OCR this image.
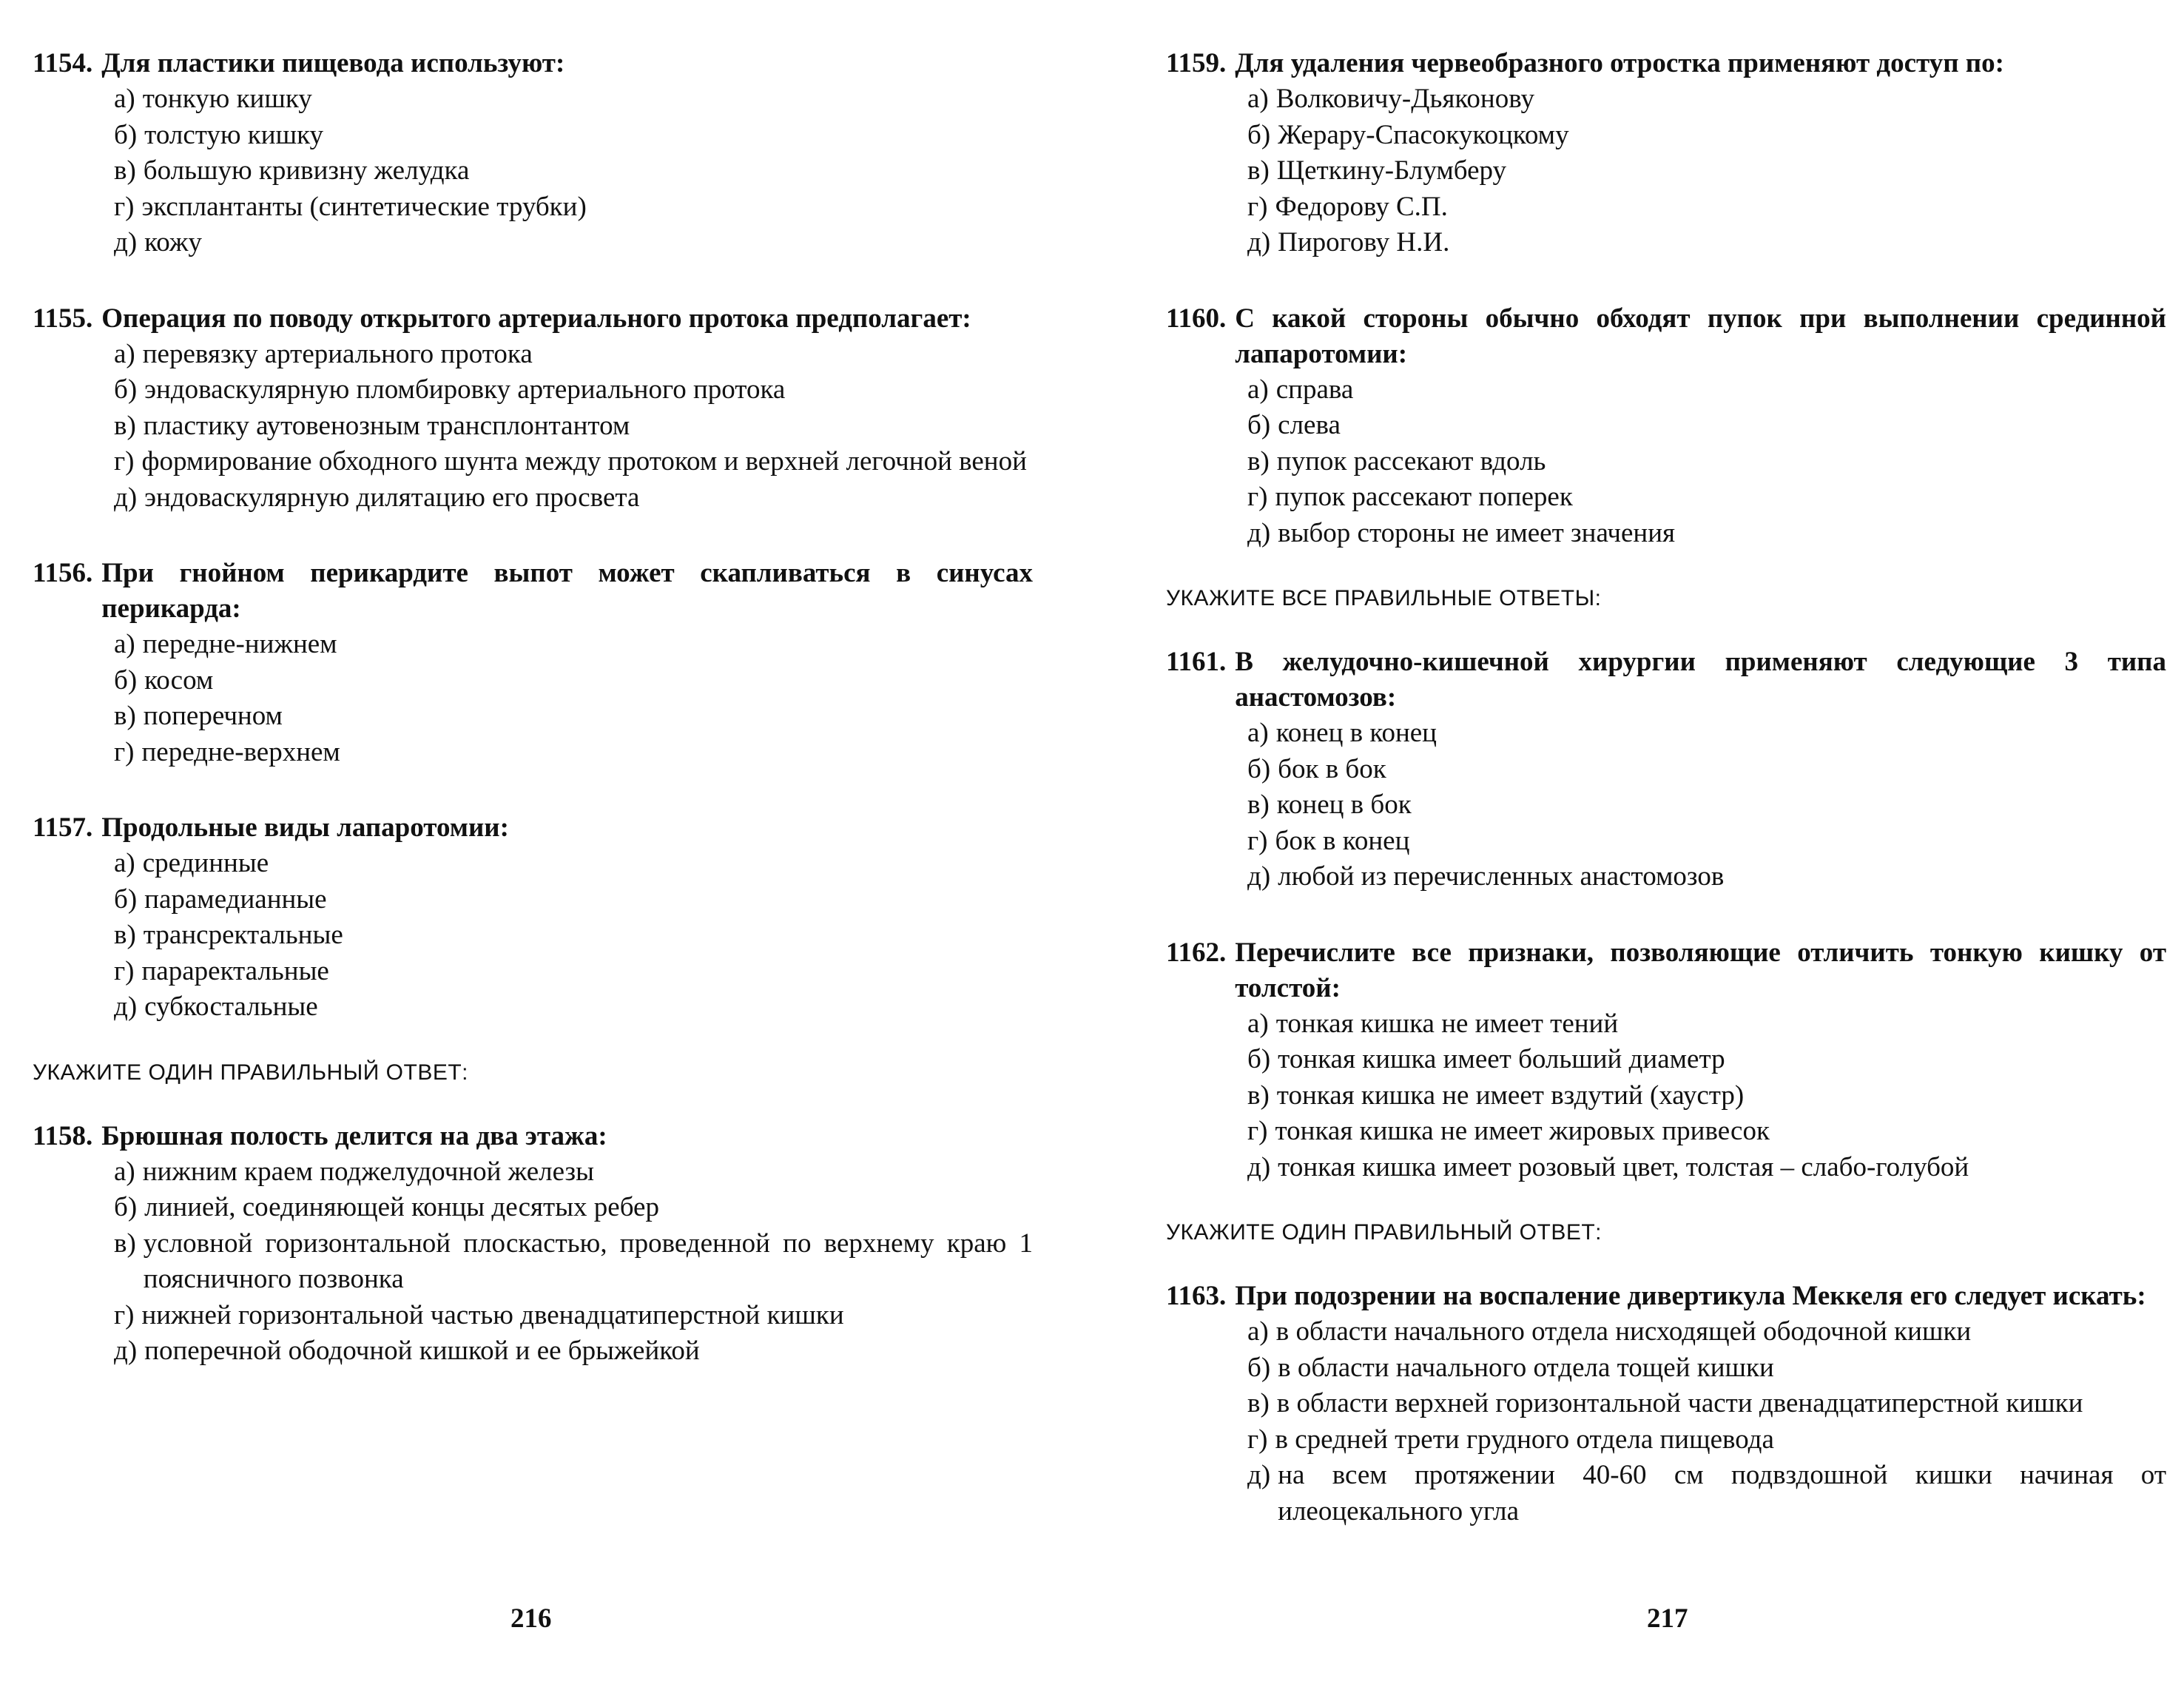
1154. Для пластики пищевода используют:
а) тонкую кишку
б) толстую кишку
в) большую кривизну желудка
г) эксплантанты (синтетические трубки)
д) кожу
1155. Операция по поводу открытого артериального протока предполагает:
а) перевязку артериального протока
б) эндоваскулярную пломбировку артериального протока
в) пластику аутовенозным трансплонтантом
г) формирование обходного шунта между протоком и верхней легочной веной
д) эндоваскулярную дилятацию его просвета
1156. При гнойном перикардите выпот может скапливаться в синусах перикарда:
а) передне-нижнем
б) косом
в) поперечном
г) передне-верхнем
1157. Продольные виды лапаротомии:
а) срединные
б) парамедианные
в) трансректальные
г) параректальные
д) субкостальные
УКАЖИТЕ ОДИН ПРАВИЛЬНЫЙ ОТВЕТ:
1158. Брюшная полость делится на два этажа:
а) нижним краем поджелудочной железы
б) линией, соединяющей концы десятых ребер
в) условной горизонтальной плоскастью, проведенной по верхнему краю 1 поясничного позвонка
г) нижней горизонтальной частью двенадцатиперстной кишки
д) поперечной ободочной кишкой и ее брыжейкой
216
1159. Для удаления червеобразного отростка применяют доступ по:
а) Волковичу-Дьяконову
б) Жерару-Спасокукоцкому
в) Щеткину-Блумберу
г) Федорову С.П.
д) Пирогову Н.И.
1160. С какой стороны обычно обходят пупок при выполнении срединной лапаротомии:
а) справа
б) слева
в) пупок рассекают вдоль
г) пупок рассекают поперек
д) выбор стороны не имеет значения
УКАЖИТЕ ВСЕ ПРАВИЛЬНЫЕ ОТВЕТЫ:
1161. В желудочно-кишечной хирургии применяют следующие 3 типа анастомозов:
а) конец в конец
б) бок в бок
в) конец в бок
г) бок в конец
д) любой из перечисленных анастомозов
1162. Перечислите все признаки, позволяющие отличить тонкую кишку от толстой:
а) тонкая кишка не имеет тений
б) тонкая кишка имеет больший диаметр
в) тонкая кишка не имеет вздутий (хаустр)
г) тонкая кишка не имеет жировых привесок
д) тонкая кишка имеет розовый цвет, толстая – слабо-голубой
УКАЖИТЕ ОДИН ПРАВИЛЬНЫЙ ОТВЕТ:
1163. При подозрении на воспаление дивертикула Меккеля его следует искать:
а) в области начального отдела нисходящей ободочной кишки
б) в области начального отдела тощей кишки
в) в области верхней горизонтальной части двенадцатиперстной кишки
г) в средней трети грудного отдела пищевода
д) на всем протяжении 40-60 см подвздошной кишки начиная от илеоцекального угла
217
